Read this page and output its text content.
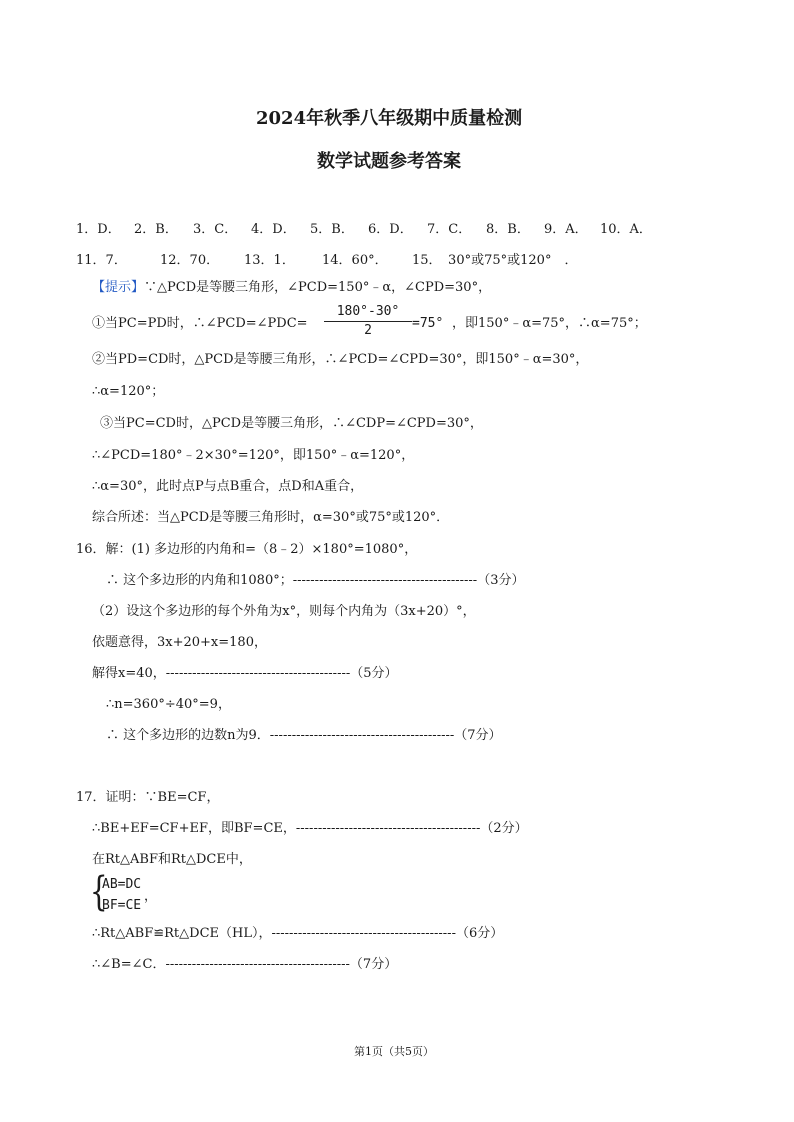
2024年秋季八年级期中质量检测
数学试题参考答案
1．D． 2．B． 3．C． 4．D． 5．B． 6．D． 7．C． 8．B． 9．A． 10．A．
11．7．	12．70． 13．1． 14．60°． 15．　30°或75°或120°　．
【提示】∵△PCD是等腰三角形，∠PCD=150°﹣α，∠CPD=30°，
①当PC=PD时，∴∠PCD=∠PDC=
180°-30°
2	=75° ，即150°﹣α=75°，∴α=75°；
②当PD=CD时，△PCD是等腰三角形，∴∠PCD=∠CPD=30°，即150°﹣α=30°，
∴α=120°；
③当PC=CD时，△PCD是等腰三角形，∴∠CDP=∠CPD=30°，
∴∠PCD=180°﹣2×30°=120°，即150°﹣α=120°，
∴α=30°，此时点P与点B重合，点D和A重合，
综合所述：当△PCD是等腰三角形时，α=30°或75°或120°．
16．解：(1) 多边形的内角和=（8﹣2）×180°=1080°，
∴ 这个多边形的内角和1080°；------------------------------------------（3分）
（2）设这个多边形的每个外角为x°，则每个内角为（3x+20）°，
依题意得，3x+20+x=180，
解得x=40，------------------------------------------（5分）
∴n=360°÷40°=9，
∴ 这个多边形的边数n为9．------------------------------------------（7分）
17．证明：∵BE=CF，
∴BE+EF=CF+EF，即BF=CE，------------------------------------------（2分）
在Rt△ABF和Rt△DCE中，
{
AB=DC
BF=CE
，
∴Rt△ABF≌Rt△DCE（HL），------------------------------------------（6分）
∴∠B=∠C．------------------------------------------（7分）
第1页（共5页）
